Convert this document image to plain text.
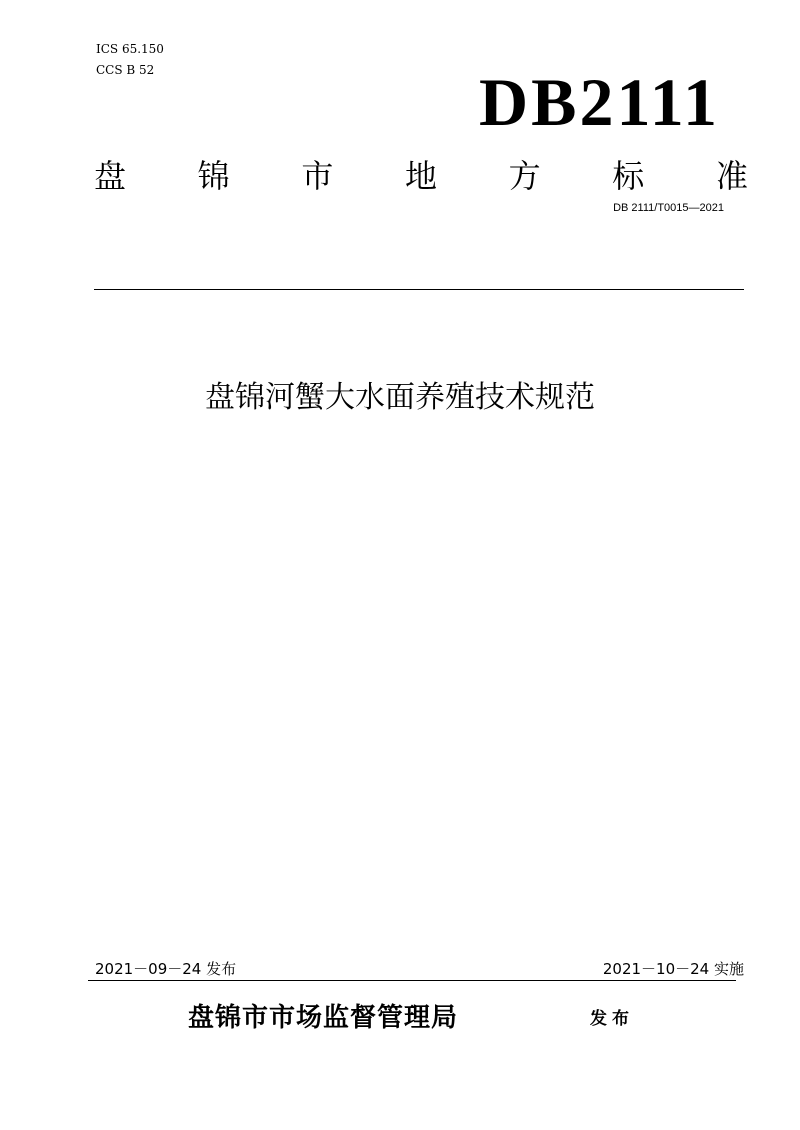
ICS 65.150
CCS B 52	DB2111
盘 锦 市 地 方 标 准
DB 2111/T0015—2021
盘锦河蟹大水面养殖技术规范
2021－09－24 发布	2021－10－24 实施
盘锦市市场监督管理局	发布
